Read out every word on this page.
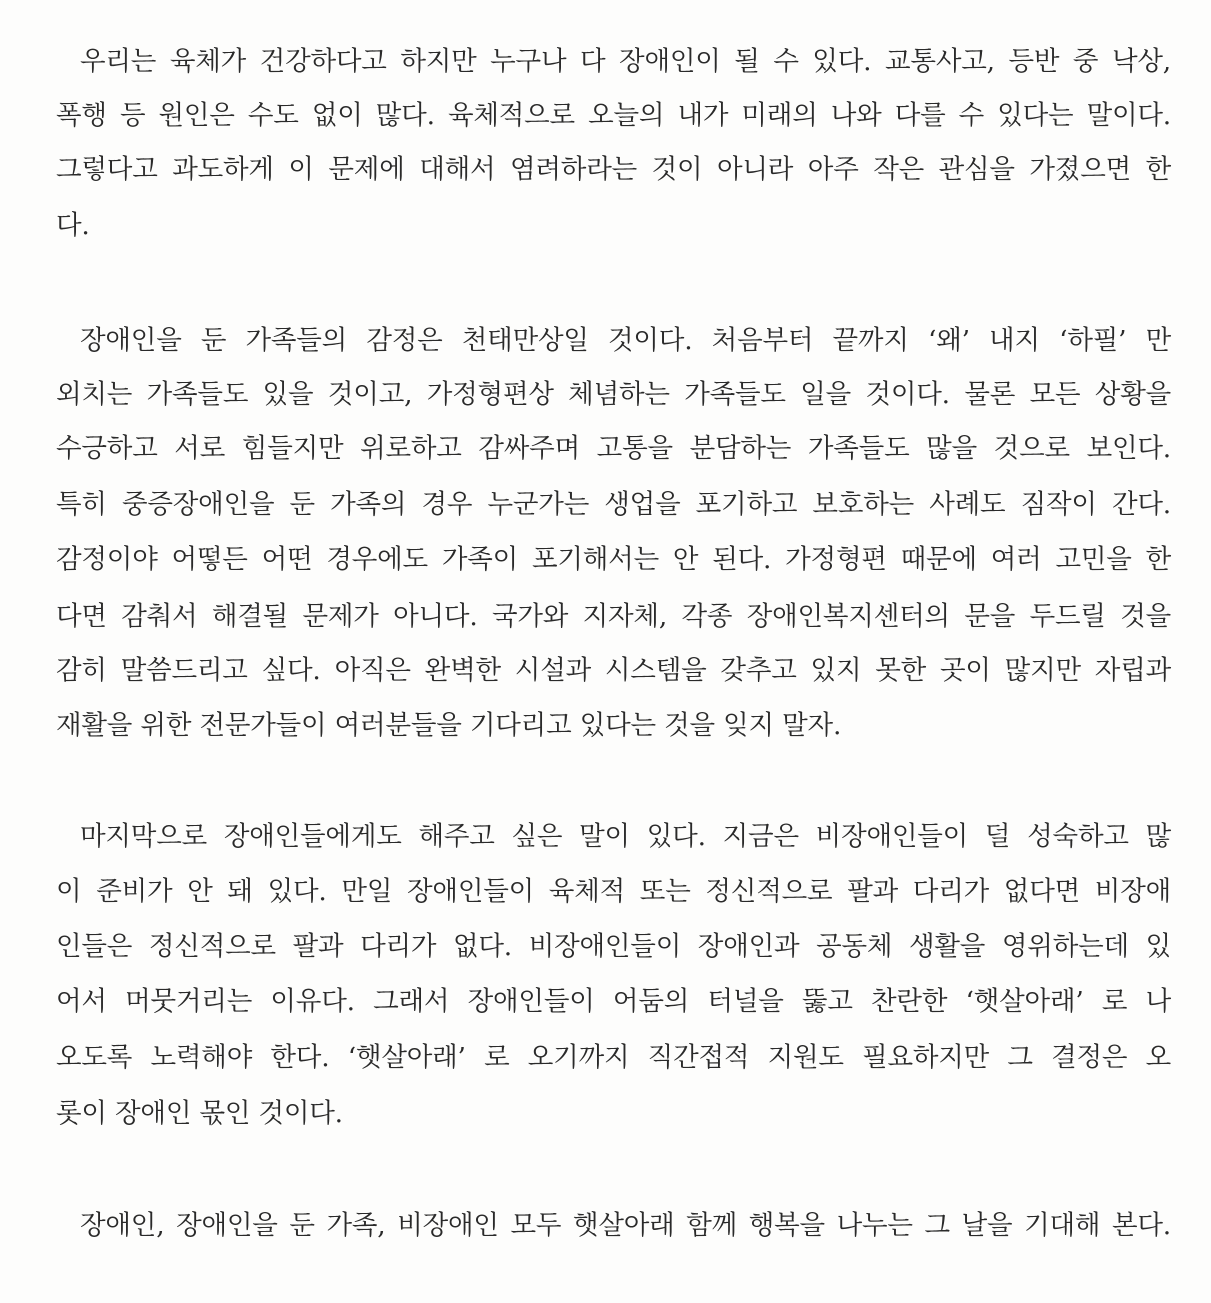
우리는 육체가 건강하다고 하지만 누구나 다 장애인이 될 수 있다. 교통사고, 등반 중 낙상,
폭행 등 원인은 수도 없이 많다. 육체적으로 오늘의 내가 미래의 나와 다를 수 있다는 말이다.
그렇다고 과도하게 이 문제에 대해서 염려하라는 것이 아니라 아주 작은 관심을 가졌으면 한
다.
장애인을 둔 가족들의 감정은 천태만상일 것이다. 처음부터 끝까지 ‘왜’ 내지 ‘하필’ 만
외치는 가족들도 있을 것이고, 가정형편상 체념하는 가족들도 일을 것이다. 물론 모든 상황을
수긍하고 서로 힘들지만 위로하고 감싸주며 고통을 분담하는 가족들도 많을 것으로 보인다.
특히 중증장애인을 둔 가족의 경우 누군가는 생업을 포기하고 보호하는 사례도 짐작이 간다.
감정이야 어떻든 어떤 경우에도 가족이 포기해서는 안 된다. 가정형편 때문에 여러 고민을 한
다면 감춰서 해결될 문제가 아니다. 국가와 지자체, 각종 장애인복지센터의 문을 두드릴 것을
감히 말씀드리고 싶다. 아직은 완벽한 시설과 시스템을 갖추고 있지 못한 곳이 많지만 자립과
재활을 위한 전문가들이 여러분들을 기다리고 있다는 것을 잊지 말자.
마지막으로 장애인들에게도 해주고 싶은 말이 있다. 지금은 비장애인들이 덜 성숙하고 많
이 준비가 안 돼 있다. 만일 장애인들이 육체적 또는 정신적으로 팔과 다리가 없다면 비장애
인들은 정신적으로 팔과 다리가 없다. 비장애인들이 장애인과 공동체 생활을 영위하는데 있
어서 머뭇거리는 이유다. 그래서 장애인들이 어둠의 터널을 뚫고 찬란한 ‘햇살아래’ 로 나
오도록 노력해야 한다. ‘햇살아래’ 로 오기까지 직간접적 지원도 필요하지만 그 결정은 오
롯이 장애인 몫인 것이다.
장애인, 장애인을 둔 가족, 비장애인 모두 햇살아래 함께 행복을 나누는 그 날을 기대해 본다.
